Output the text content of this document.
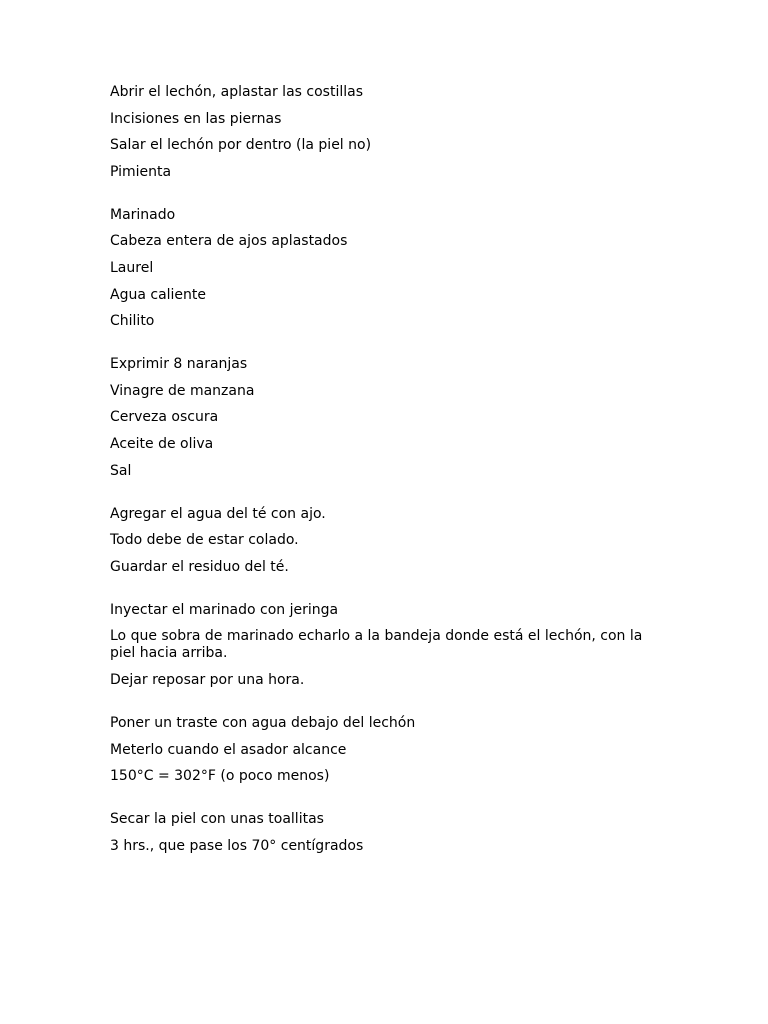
Abrir el lechón, aplastar las costillas

Incisiones en las piernas

Salar el lechón por dentro (la piel no)

Pimienta

Marinado

Cabeza entera de ajos aplastados

Laurel

Agua caliente

Chilito

Exprimir 8 naranjas

Vinagre de manzana

Cerveza oscura

Aceite de oliva

Sal

Agregar el agua del té con ajo.

Todo debe de estar colado.

Guardar el residuo del té.

Inyectar el marinado con jeringa

Lo que sobra de marinado echarlo a la bandeja donde está el lechón, con la piel hacia arriba.

Dejar reposar por una hora.

Poner un traste con agua debajo del lechón

Meterlo cuando el asador alcance

150°C = 302°F (o poco menos)

Secar la piel con unas toallitas

3 hrs., que pase los 70° centígrados
